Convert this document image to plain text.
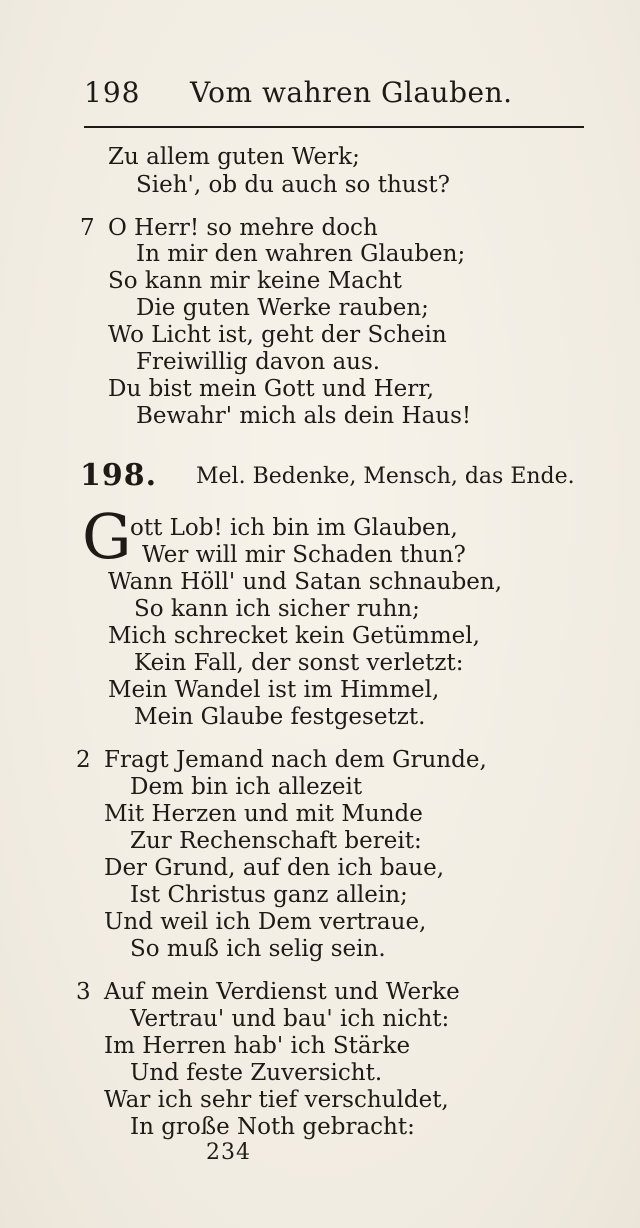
198 Vom wahren Glauben.
Zu allem guten Werk;
Sieh', ob du auch so thust?
7 O Herr! so mehre doch
In mir den wahren Glauben;
So kann mir keine Macht
Die guten Werke rauben;
Wo Licht ist, geht der Schein
Freiwillig davon aus.
Du bist mein Gott und Herr,
Bewahr' mich als dein Haus!
198. Mel. Bedenke, Mensch, das Ende.
G
ott Lob! ich bin im Glauben,
Wer will mir Schaden thun?
Wann Höll' und Satan schnauben,
So kann ich sicher ruhn;
Mich schrecket kein Getümmel,
Kein Fall, der sonst verletzt:
Mein Wandel ist im Himmel,
Mein Glaube festgesetzt.
2 Fragt Jemand nach dem Grunde,
Dem bin ich allezeit
Mit Herzen und mit Munde
Zur Rechenschaft bereit:
Der Grund, auf den ich baue,
Ist Christus ganz allein;
Und weil ich Dem vertraue,
So muß ich selig sein.
3 Auf mein Verdienst und Werke
Vertrau' und bau' ich nicht:
Im Herren hab' ich Stärke
Und feste Zuversicht.
War ich sehr tief verschuldet,
In große Noth gebracht:
234
